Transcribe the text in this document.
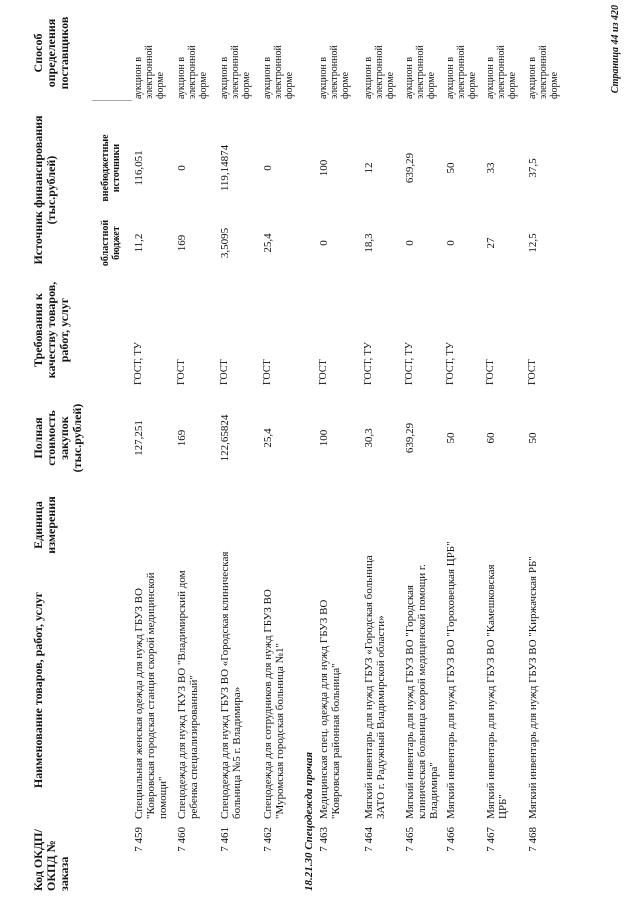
Код ОКДП/ ОКПД № заказа
Наименование товаров, работ, услуг
Единица измерения
Полная стоимость закупок (тыс.рублей)
Требования к качеству товаров, работ, услуг
Источник финансирования (тыс.рублей)
Способ определения поставщиков
областной бюджет
внебюджетные источники
7 459
Специальная женская одежда для нужд ГБУЗ ВО "Ковровская городская станция скорой медицинской помощи"
127,251
ГОСТ, ТУ
11,2
116,051
аукцион в электронной форме
7 460
Спецодежда для нужд ГКУЗ ВО "Владимирский дом ребенка специализированный"
169
ГОСТ
169
0
аукцион в электронной форме
7 461
Спецодежда для нужд ГБУЗ ВО «Городская клиническая больница №5 г. Владимира»
122,65824
ГОСТ
3,5095
119,14874
аукцион в электронной форме
7 462
Спецодежда для сотрудников для нужд ГБУЗ ВО "Муромская городская больница №1"
25,4
ГОСТ
25,4
0
аукцион в электронной форме
18.21.30 Спецодежда прочая 7 463
Медицинская спец. одежда для нужд ГБУЗ ВО "Ковровская районная больница"
100
ГОСТ
0
100
аукцион в электронной форме
7 464
Мягкий инвентарь для нужд ГБУЗ «Городская больница ЗАТО г. Радужный Владимирской области»
30,3
ГОСТ, ТУ
18,3
12
аукцион в электронной форме
7 465
Мягкий инвентарь для нужд ГБУЗ ВО "Городская клиническая больница скорой медицинской помощи г. Владимира"
639,29
ГОСТ, ТУ
0
639,29
аукцион в электронной форме
7 466
Мягкий инвентарь для нужд ГБУЗ ВО "Гороховецкая ЦРБ"
50
ГОСТ, ТУ
0
50
аукцион в электронной форме
7 467
Мягкий инвентарь для нужд ГБУЗ ВО "Камешковская ЦРБ"
60
ГОСТ
27
33
аукцион в электронной форме
7 468
Мягкий инвентарь для нужд ГБУЗ ВО "Киржачская РБ"
50
ГОСТ
12,5
37,5
аукцион в электронной форме	Страница 44 из 420
